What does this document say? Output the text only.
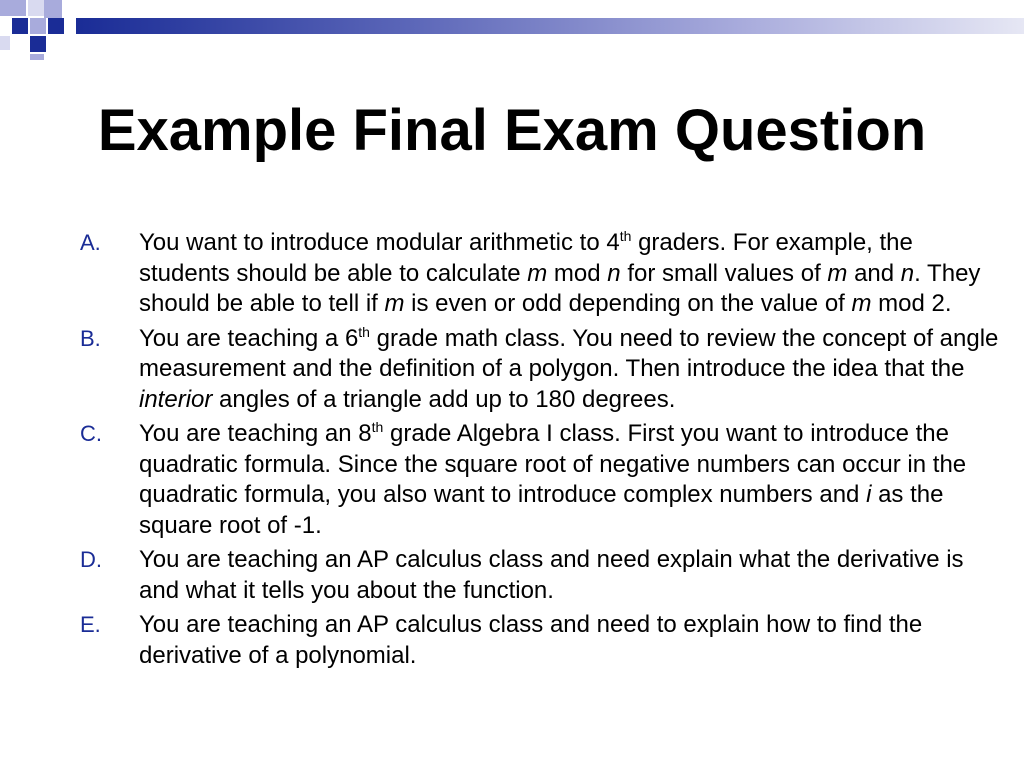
Example Final Exam Question
A.	You want to introduce modular arithmetic to 4th graders. For example, the students should be able to calculate m mod n for small values of m and n. They should be able to tell if m is even or odd depending on the value of m mod 2.
B.	You are teaching a 6th grade math class. You need to review the concept of angle measurement and the definition of a polygon. Then introduce the idea that the interior angles of a triangle add up to 180 degrees.
C.	You are teaching an 8th grade Algebra I class. First you want to introduce the quadratic formula. Since the square root of negative numbers can occur in the quadratic formula, you also want to introduce complex numbers and i as the square root of -1.
D.	You are teaching an AP calculus class and need explain what the derivative is and what it tells you about the function.
E.	You are teaching an AP calculus class and need to explain how to find the derivative of a polynomial.
